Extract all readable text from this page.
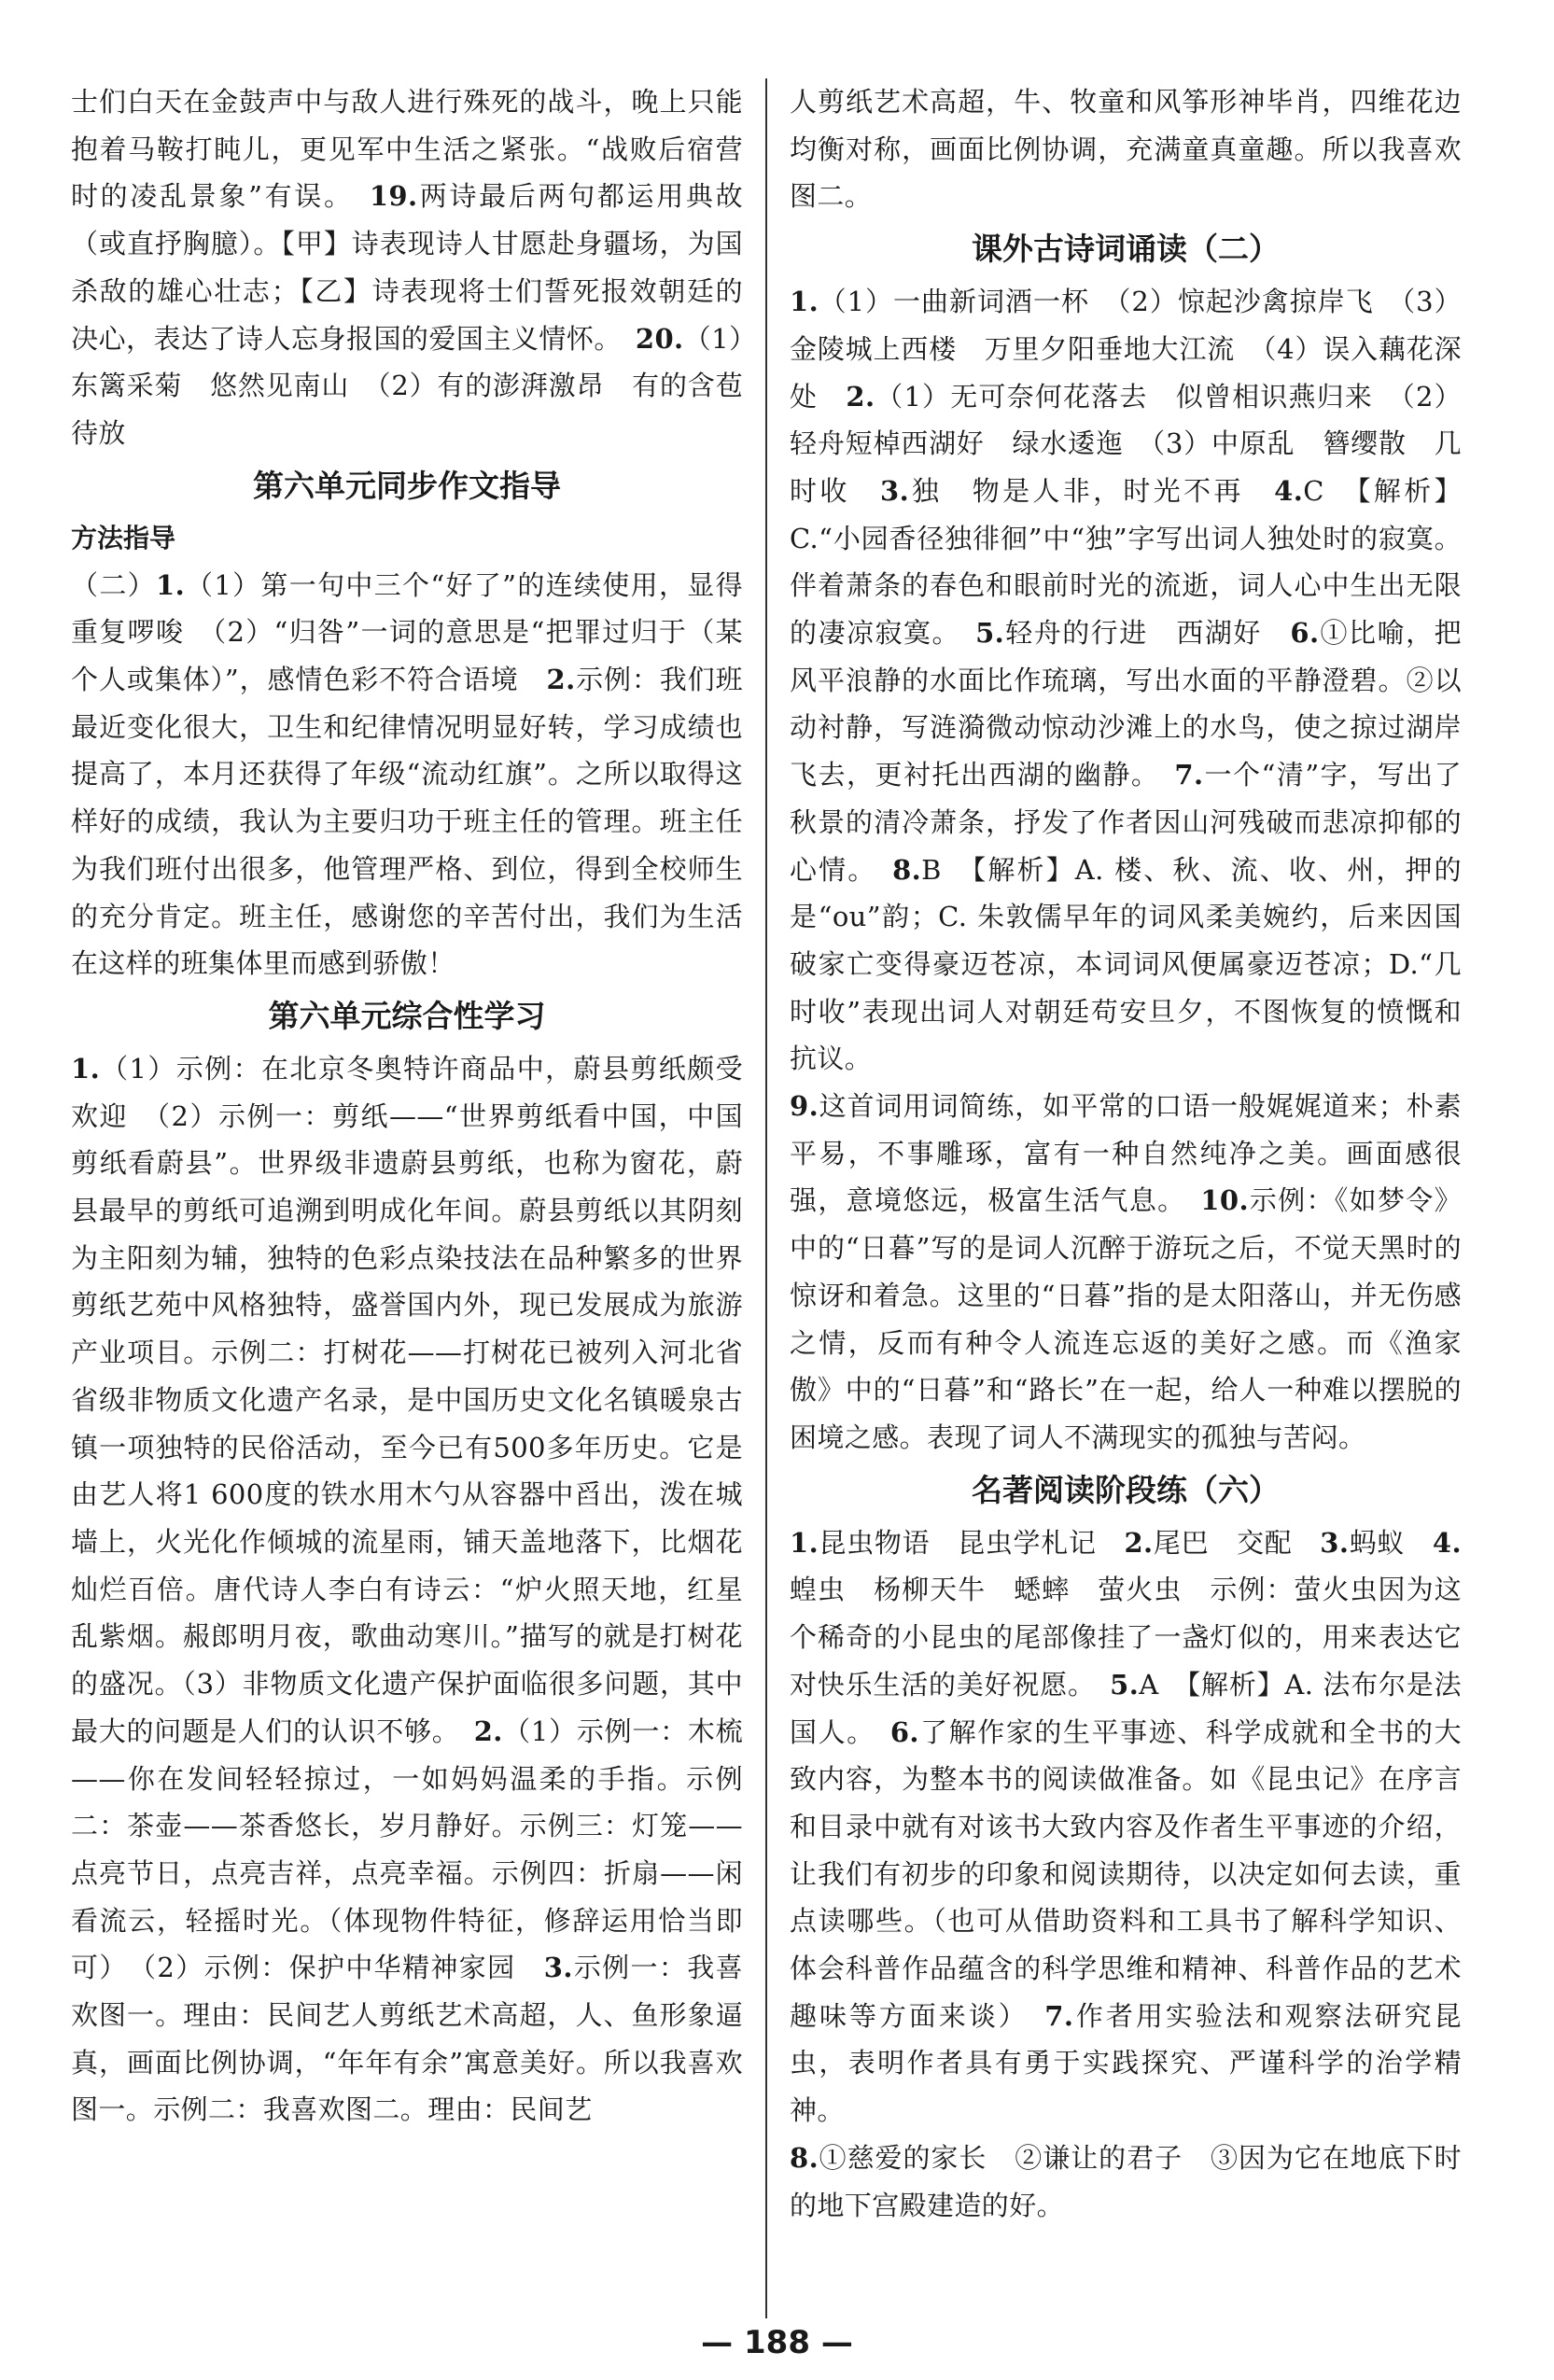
士们白天在金鼓声中与敌人进行殊死的战斗，晚上只能抱着马鞍打盹儿，更见军中生活之紧张。“战败后宿营时的凌乱景象”有误。　 19.两诗最后两句都运用典故（或直抒胸臆）。【甲】诗表现诗人甘愿赴身疆场，为国杀敌的雄心壮志；【乙】诗表现将士们誓死报效朝廷的决心，表达了诗人忘身报国的爱国主义情怀。　 20.（1）东篱采菊　悠然见南山　（2）有的澎湃激昂　有的含苞待放

第六单元同步作文指导

方法指导

（二）1.（1）第一句中三个“好了”的连续使用，显得重复啰唆　（2）“归咎”一词的意思是“把罪过归于（某个人或集体）”，感情色彩不符合语境　 2.示例：我们班最近变化很大，卫生和纪律情况明显好转，学习成绩也提高了，本月还获得了年级“流动红旗”。之所以取得这样好的成绩，我认为主要归功于班主任的管理。班主任为我们班付出很多，他管理严格、到位，得到全校师生的充分肯定。班主任，感谢您的辛苦付出，我们为生活在这样的班集体里而感到骄傲！

第六单元综合性学习

1.（1）示例：在北京冬奥特许商品中，蔚县剪纸颇受欢迎　（2）示例一：剪纸——“世界剪纸看中国，中国剪纸看蔚县”。世界级非遗蔚县剪纸，也称为窗花，蔚县最早的剪纸可追溯到明成化年间。蔚县剪纸以其阴刻为主阳刻为辅，独特的色彩点染技法在品种繁多的世界剪纸艺苑中风格独特，盛誉国内外，现已发展成为旅游产业项目。示例二：打树花——打树花已被列入河北省省级非物质文化遗产名录，是中国历史文化名镇暖泉古镇一项独特的民俗活动，至今已有500多年历史。它是由艺人将1 600度的铁水用木勺从容器中舀出，泼在城墙上，火光化作倾城的流星雨，铺天盖地落下，比烟花灿烂百倍。唐代诗人李白有诗云：“炉火照天地，红星乱紫烟。赧郎明月夜，歌曲动寒川。”描写的就是打树花的盛况。（3）非物质文化遗产保护面临很多问题，其中最大的问题是人们的认识不够。　 2.（1）示例一：木梳——你在发间轻轻掠过，一如妈妈温柔的手指。示例二：茶壶——茶香悠长，岁月静好。示例三：灯笼——点亮节日，点亮吉祥，点亮幸福。示例四：折扇——闲看流云，轻摇时光。（体现物件特征，修辞运用恰当即可）　（2）示例：保护中华精神家园　 3.示例一：我喜欢图一。理由：民间艺人剪纸艺术高超，人、鱼形象逼真，画面比例协调，“年年有余”寓意美好。所以我喜欢图一。示例二：我喜欢图二。理由：民间艺

人剪纸艺术高超，牛、牧童和风筝形神毕肖，四维花边均衡对称，画面比例协调，充满童真童趣。所以我喜欢图二。

课外古诗词诵读（二）

1.（1）一曲新词酒一杯　（2）惊起沙禽掠岸飞　（3）金陵城上西楼　万里夕阳垂地大江流　（4）误入藕花深处　 2.（1）无可奈何花落去　似曾相识燕归来　（2）轻舟短棹西湖好　绿水逶迤　（3）中原乱　簪缨散　几时收　 3.独　物是人非，时光不再　 4.C　【解析】C.“小园香径独徘徊”中“独”字写出词人独处时的寂寞。伴着萧条的春色和眼前时光的流逝，词人心中生出无限的凄凉寂寞。　 5.轻舟的行进　西湖好　 6.①比喻，把风平浪静的水面比作琉璃，写出水面的平静澄碧。②以动衬静，写涟漪微动惊动沙滩上的水鸟，使之掠过湖岸飞去，更衬托出西湖的幽静。　 7.一个“清”字，写出了秋景的清冷萧条，抒发了作者因山河残破而悲凉抑郁的心情。　 8.B　【解析】A. 楼、秋、流、收、州，押的是“ou”韵；C. 朱敦儒早年的词风柔美婉约，后来因国破家亡变得豪迈苍凉，本词词风便属豪迈苍凉；D.“几时收”表现出词人对朝廷苟安旦夕，不图恢复的愤慨和抗议。

9.这首词用词简练，如平常的口语一般娓娓道来；朴素平易，不事雕琢，富有一种自然纯净之美。画面感很强，意境悠远，极富生活气息。　 10.示例：《如梦令》中的“日暮”写的是词人沉醉于游玩之后，不觉天黑时的惊讶和着急。这里的“日暮”指的是太阳落山，并无伤感之情，反而有种令人流连忘返的美好之感。而《渔家傲》中的“日暮”和“路长”在一起，给人一种难以摆脱的困境之感。表现了词人不满现实的孤独与苦闷。

名著阅读阶段练（六）

1.昆虫物语　昆虫学札记　 2.尾巴　交配　 3.蚂蚁　 4.蝗虫　杨柳天牛　蟋蟀　萤火虫　示例：萤火虫因为这个稀奇的小昆虫的尾部像挂了一盏灯似的，用来表达它对快乐生活的美好祝愿。　 5.A　【解析】A. 法布尔是法国人。　 6.了解作家的生平事迹、科学成就和全书的大致内容，为整本书的阅读做准备。如《昆虫记》在序言和目录中就有对该书大致内容及作者生平事迹的介绍，让我们有初步的印象和阅读期待，以决定如何去读，重点读哪些。（也可从借助资料和工具书了解科学知识、体会科普作品蕴含的科学思维和精神、科普作品的艺术趣味等方面来谈）　 7.作者用实验法和观察法研究昆虫，表明作者具有勇于实践探究、严谨科学的治学精神。

8.①慈爱的家长　②谦让的君子　③因为它在地底下时的地下宫殿建造的好。

— 188 —
